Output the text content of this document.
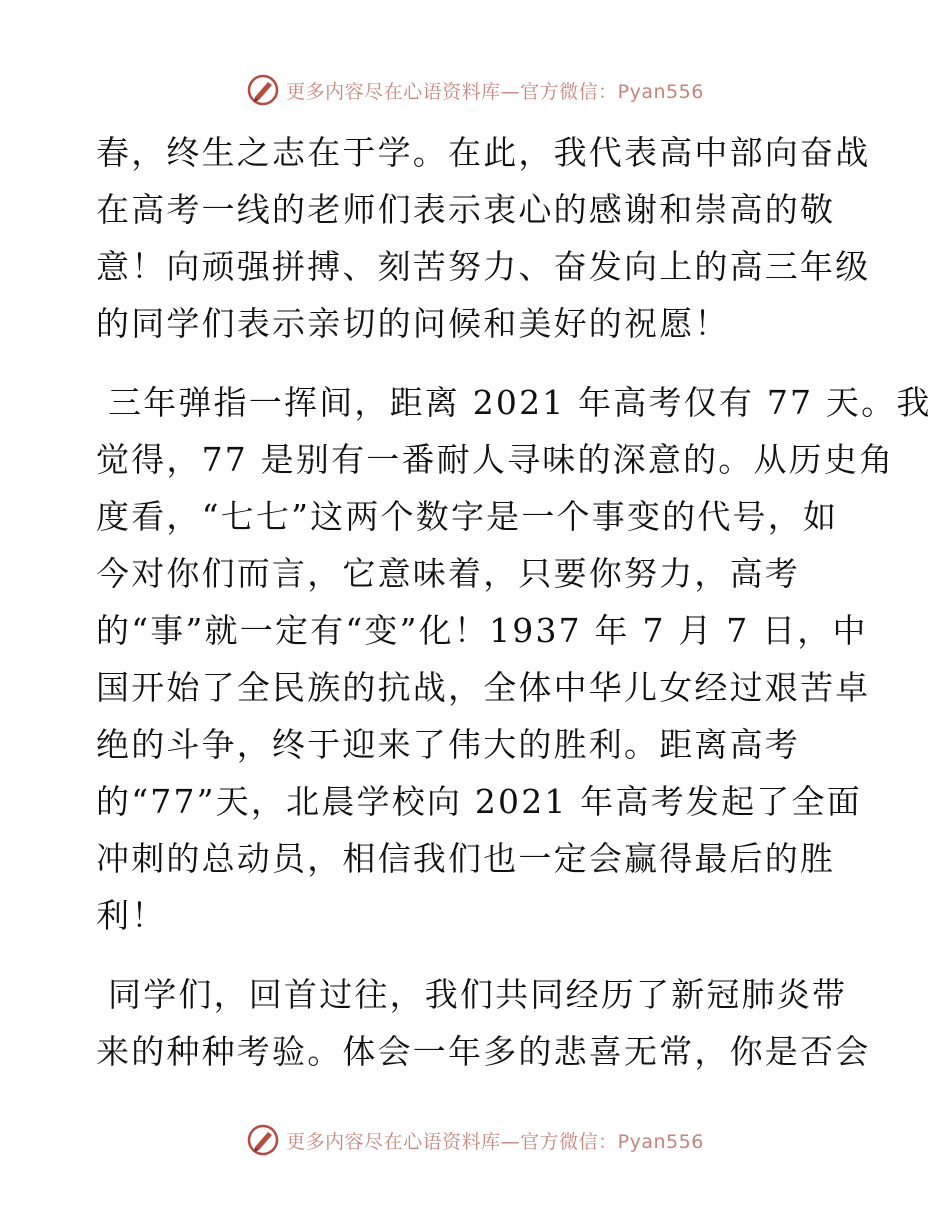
更多内容尽在心语资料库—官方微信：Pyan556
春，终生之志在于学。在此，我代表高中部向奋战
在高考一线的老师们表示衷心的感谢和崇高的敬
意！向顽强拼搏、刻苦努力、奋发向上的高三年级
的同学们表示亲切的问候和美好的祝愿！
三年弹指一挥间，距离 2021 年高考仅有 77 天。我
觉得，77 是别有一番耐人寻味的深意的。从历史角
度看，“七七”这两个数字是一个事变的代号，如
今对你们而言，它意味着，只要你努力，高考
的“事”就一定有“变”化！1937 年 7 月 7 日，中
国开始了全民族的抗战，全体中华儿女经过艰苦卓
绝的斗争，终于迎来了伟大的胜利。距离高考
的“77”天，北晨学校向 2021 年高考发起了全面
冲刺的总动员，相信我们也一定会赢得最后的胜
利！
同学们，回首过往，我们共同经历了新冠肺炎带
来的种种考验。体会一年多的悲喜无常，你是否会
更多内容尽在心语资料库—官方微信：Pyan556
